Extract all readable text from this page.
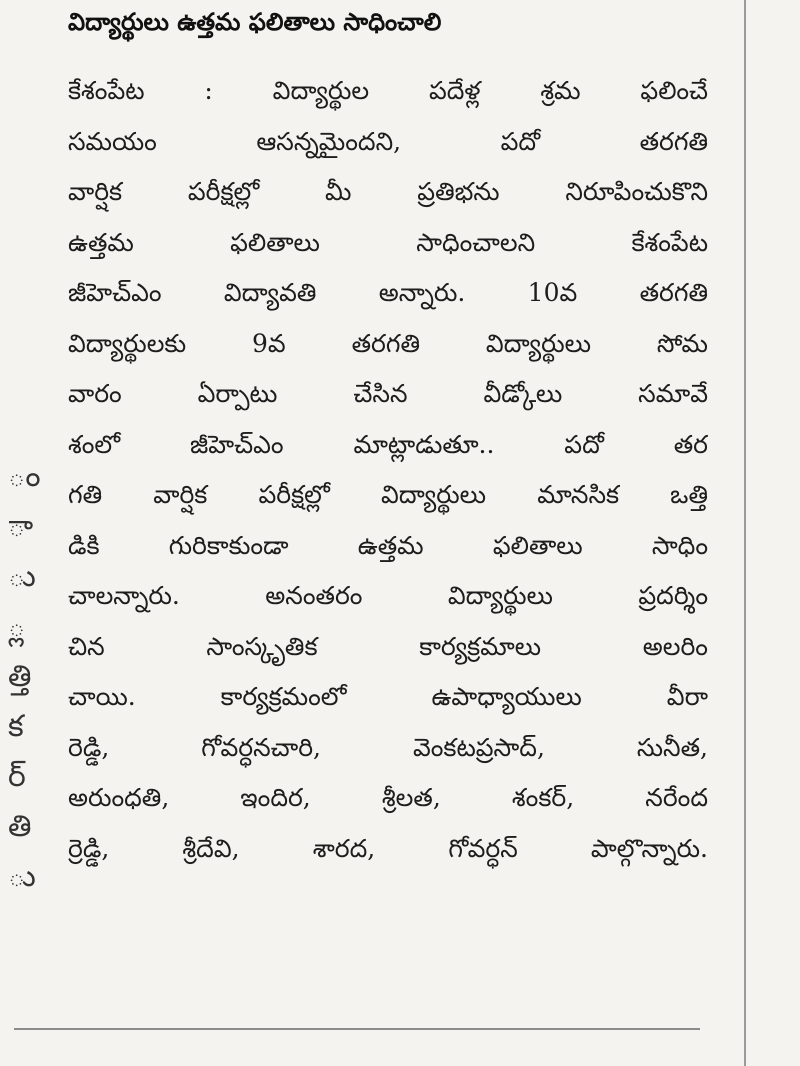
ం
ా
ు
్ల
త్తి
క
ర్
తి
ు
విద్యార్థులు ఉత్తమ ఫలితాలు సాధించాలి
కేశంపేట : విద్యార్థుల పదేళ్ల శ్రమ ఫలించే
సమయం ఆసన్నమైందని, పదో తరగతి
వార్షిక పరీక్షల్లో మీ ప్రతిభను నిరూపించుకొని
ఉత్తమ ఫలితాలు సాధించాలని కేశంపేట
జీహెచ్ఎం విద్యావతి అన్నారు. 10వ తరగతి
విద్యార్థులకు 9వ తరగతి విద్యార్థులు సోమ
వారం ఏర్పాటు చేసిన వీడ్కోలు సమావే
శంలో జీహెచ్ఎం మాట్లాడుతూ.. పదో తర
గతి వార్షిక పరీక్షల్లో విద్యార్థులు మానసిక ఒత్తి
డికి గురికాకుండా ఉత్తమ ఫలితాలు సాధిం
చాలన్నారు. అనంతరం విద్యార్థులు ప్రదర్శిం
చిన సాంస్కృతిక కార్యక్రమాలు అలరిం
చాయి. కార్యక్రమంలో ఉపాధ్యాయులు వీరా
రెడ్డి, గోవర్ధనచారి, వెంకటప్రసాద్, సునీత,
అరుంధతి, ఇందిర, శ్రీలత, శంకర్, నరేంద
ర్రెడ్డి, శ్రీదేవి, శారద, గోవర్ధన్ పాల్గొన్నారు.
